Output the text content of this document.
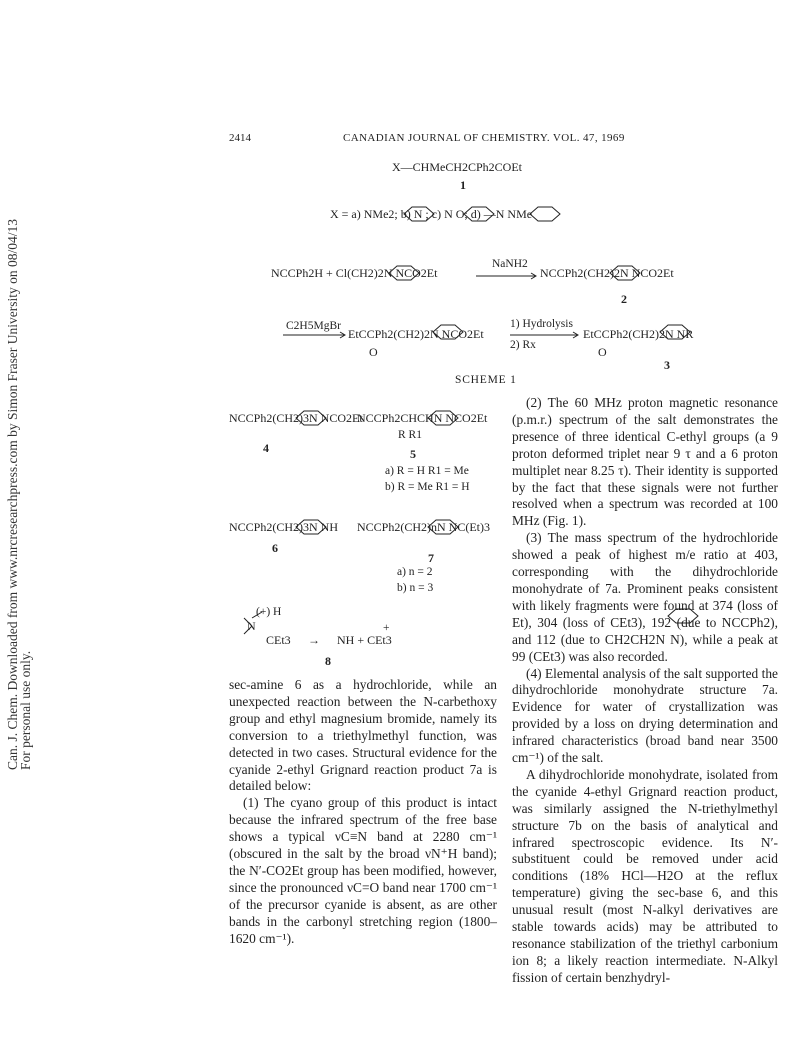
Can. J. Chem. Downloaded from www.nrcresearchpress.com by Simon Fraser University on 08/04/13
For personal use only.
2414	CANADIAN JOURNAL OF CHEMISTRY. VOL. 47, 1969
X—CHMeCH2CPh2COEt
1
X = a) NMe2; b) N ; c) N O; d) —N NMe
NCCPh2H + Cl(CH2)2N NCO2Et
NaNH2
NCCPh2(CH2)2N NCO2Et
2
C2H5MgBr
EtCCPh2(CH2)2N NCO2Et
O
1) Hydrolysis
2) Rx
EtCCPh2(CH2)2N NR
O
3
SCHEME 1
NCCPh2(CH2)3N NCO2Et
4
NCCPh2CHCHN NCO2Et
R R1
5
a) R = H R1 = Me
b) R = Me R1 = H
NCCPh2(CH2)3N NH
6
NCCPh2(CH2)nN NC(Et)3
7
a) n = 2
b) n = 3
(+) H
N
CEt3 → NH + CEt3
+
8

sec-amine 6 as a hydrochloride, while an unexpected reaction between the N-carbethoxy group and ethyl magnesium bromide, namely its conversion to a triethylmethyl function, was detected in two cases. Structural evidence for the cyanide 2-ethyl Grignard reaction product 7a is detailed below:

(1) The cyano group of this product is intact because the infrared spectrum of the free base shows a typical νC≡N band at 2280 cm⁻¹ (obscured in the salt by the broad νN⁺H band); the N′-CO2Et group has been modified, however, since the pronounced νC=O band near 1700 cm⁻¹ of the precursor cyanide is absent, as are other bands in the carbonyl stretching region (1800–1620 cm⁻¹).

(2) The 60 MHz proton magnetic resonance (p.m.r.) spectrum of the salt demonstrates the presence of three identical C-ethyl groups (a 9 proton deformed triplet near 9 τ and a 6 proton multiplet near 8.25 τ). Their identity is supported by the fact that these signals were not further resolved when a spectrum was recorded at 100 MHz (Fig. 1).

(3) The mass spectrum of the hydrochloride showed a peak of highest m/e ratio at 403, corresponding with the dihydrochloride monohydrate of 7a. Prominent peaks consistent with likely fragments were found at 374 (loss of Et), 304 (loss of CEt3), 192 (due to NCCPh2), and 112 (due to CH2CH2N N), while a peak at 99 (CEt3) was also recorded.

(4) Elemental analysis of the salt supported the dihydrochloride monohydrate structure 7a. Evidence for water of crystallization was provided by a loss on drying determination and infrared characteristics (broad band near 3500 cm⁻¹) of the salt.

A dihydrochloride monohydrate, isolated from the cyanide 4-ethyl Grignard reaction product, was similarly assigned the N-triethylmethyl structure 7b on the basis of analytical and infrared spectroscopic evidence. Its N′-substituent could be removed under acid conditions (18% HCl—H2O at the reflux temperature) giving the sec-base 6, and this unusual result (most N-alkyl derivatives are stable towards acids) may be attributed to resonance stabilization of the triethyl carbonium ion 8; a likely reaction intermediate. N-Alkyl fission of certain benzhydryl-
